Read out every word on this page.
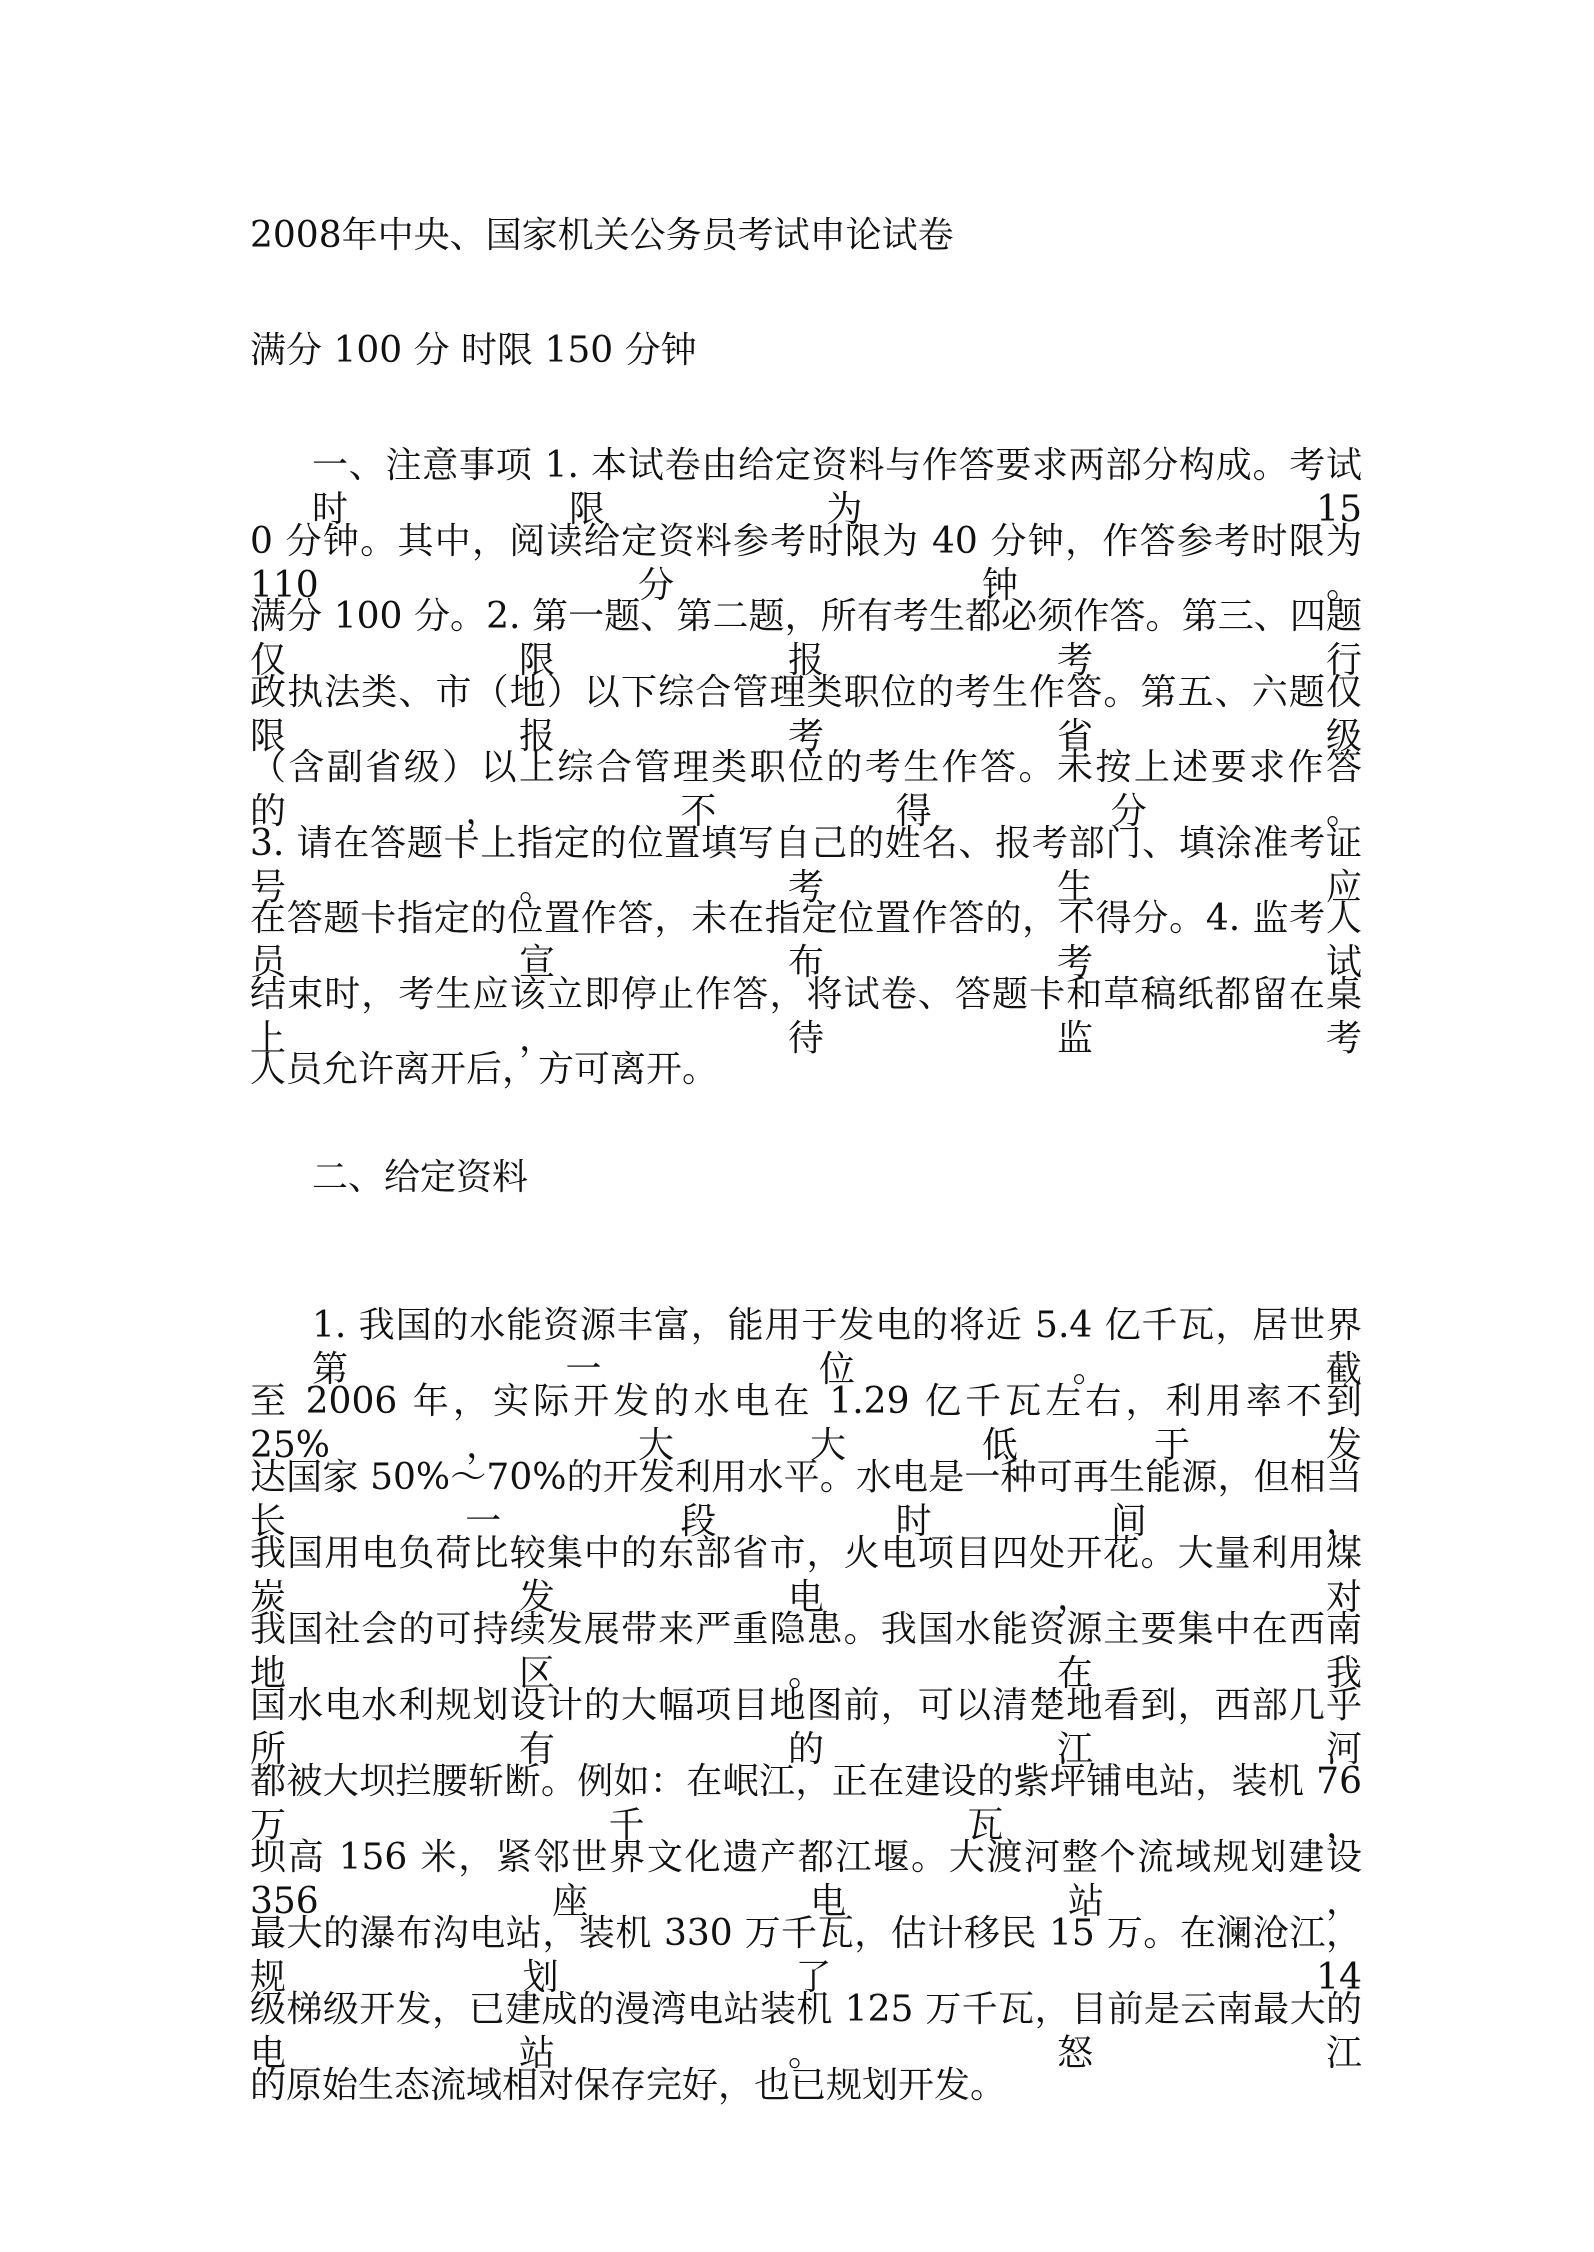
2008年中央、国家机关公务员考试申论试卷
满分 100 分 时限 150 分钟
一、注意事项 1. 本试卷由给定资料与作答要求两部分构成。考试时限为 15
0 分钟。其中，阅读给定资料参考时限为 40 分钟，作答参考时限为 110 分钟。
满分 100 分。2. 第一题、第二题，所有考生都必须作答。第三、四题仅限报考行
政执法类、市（地）以下综合管理类职位的考生作答。第五、六题仅限报考省级
（含副省级）以上综合管理类职位的考生作答。未按上述要求作答的，不得分。
3. 请在答题卡上指定的位置填写自己的姓名、报考部门、填涂准考证号。考生应
在答题卡指定的位置作答，未在指定位置作答的，不得分。4. 监考人员宣布考试
结束时，考生应该立即停止作答，将试卷、答题卡和草稿纸都留在桌上，待监考
人员允许离开后，方可离开。
二、给定资料
1. 我国的水能资源丰富，能用于发电的将近 5.4 亿千瓦，居世界第一位。截
至 2006 年，实际开发的水电在 1.29 亿千瓦左右，利用率不到 25%，大大低于发
达国家 50%～70%的开发利用水平。水电是一种可再生能源，但相当长一段时间，
我国用电负荷比较集中的东部省市，火电项目四处开花。大量利用煤炭发电，对
我国社会的可持续发展带来严重隐患。我国水能资源主要集中在西南地区。在我
国水电水利规划设计的大幅项目地图前，可以清楚地看到，西部几乎所有的江河
都被大坝拦腰斩断。例如：在岷江，正在建设的紫坪铺电站，装机 76 万千瓦，
坝高 156 米，紧邻世界文化遗产都江堰。大渡河整个流域规划建设 356 座电站，
最大的瀑布沟电站，装机 330 万千瓦，估计移民 15 万。在澜沧江，规划了 14
级梯级开发，已建成的漫湾电站装机 125 万千瓦，目前是云南最大的电站。怒江
的原始生态流域相对保存完好，也已规划开发。
